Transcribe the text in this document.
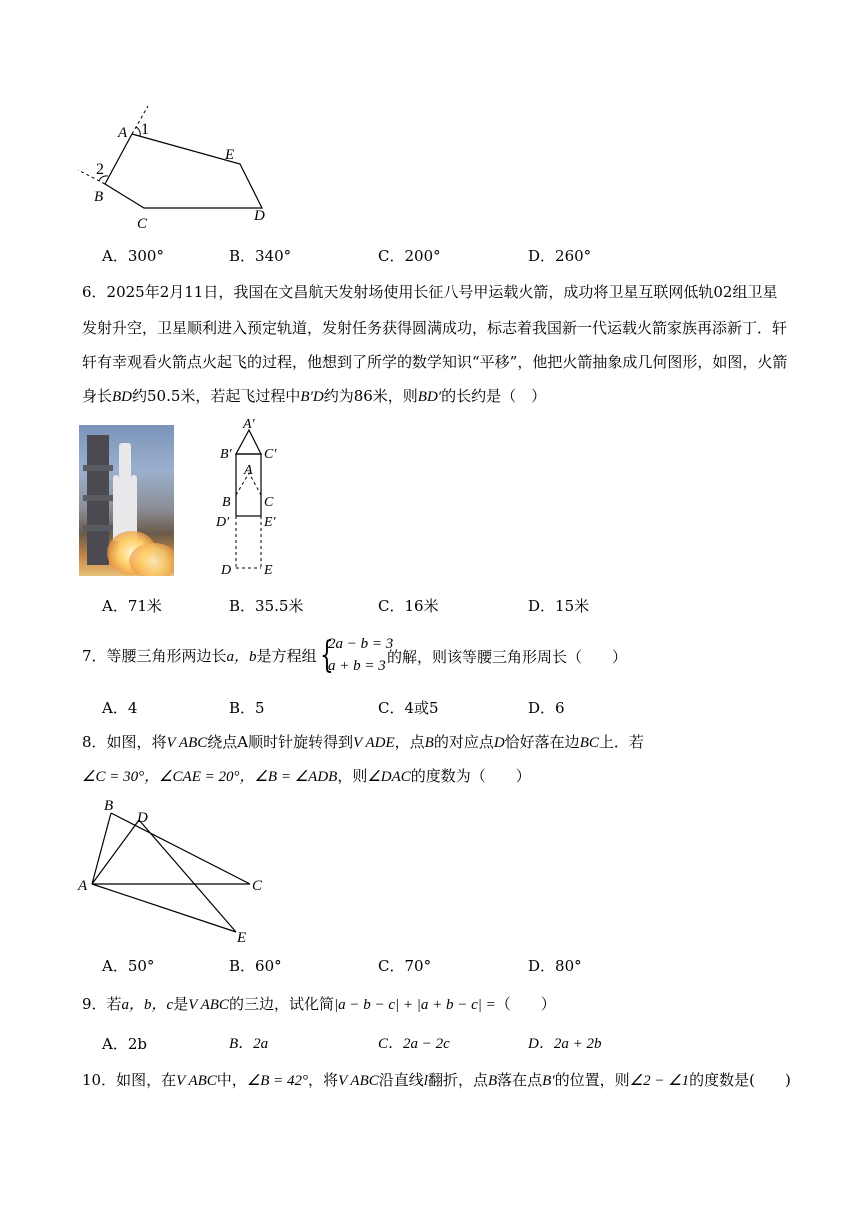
A 1
E
2
B
C	D
A．300°	B．340°	C．200°	D．260°
6．2025年2月11日，我国在文昌航天发射场使用长征八号甲运载火箭，成功将卫星互联网低轨02组卫星
发射升空，卫星顺利进入预定轨道，发射任务获得圆满成功，标志着我国新一代运载火箭家族再添新丁．轩
轩有幸观看火箭点火起飞的过程，他想到了所学的数学知识“平移”，他把火箭抽象成几何图形，如图，火箭
身长BD约50.5米，若起飞过程中B′D约为86米，则BD′的长约是（　）
A′
B′ C′
A
B C
D′ E′
D E
A．71米	B．35.5米	C．16米	D．15米
7．等腰三角形两边长a，b是方程组 {
2a − b = 3
a + b = 3 的解，则该等腰三角形周长（　　）
A．4	B．5	C．4或5	D．6
8．如图，将V ABC绕点A顺时针旋转得到V ADE，点B的对应点D恰好落在边BC上．若
∠C = 30°，∠CAE = 20°，∠B = ∠ADB，则∠DAC的度数为（　　）
B
D
A	C
E
A．50°	B．60°	C．70°	D．80°
9．若a，b，c是V ABC的三边，试化简|a − b − c| + |a + b − c| =（　　）
A．2b	B．2a	C．2a − 2c	D．2a + 2b
10．如图，在V ABC中，∠B = 42°，将V ABC沿直线l翻折，点B落在点B′的位置，则∠2 − ∠1的度数是(　　)
